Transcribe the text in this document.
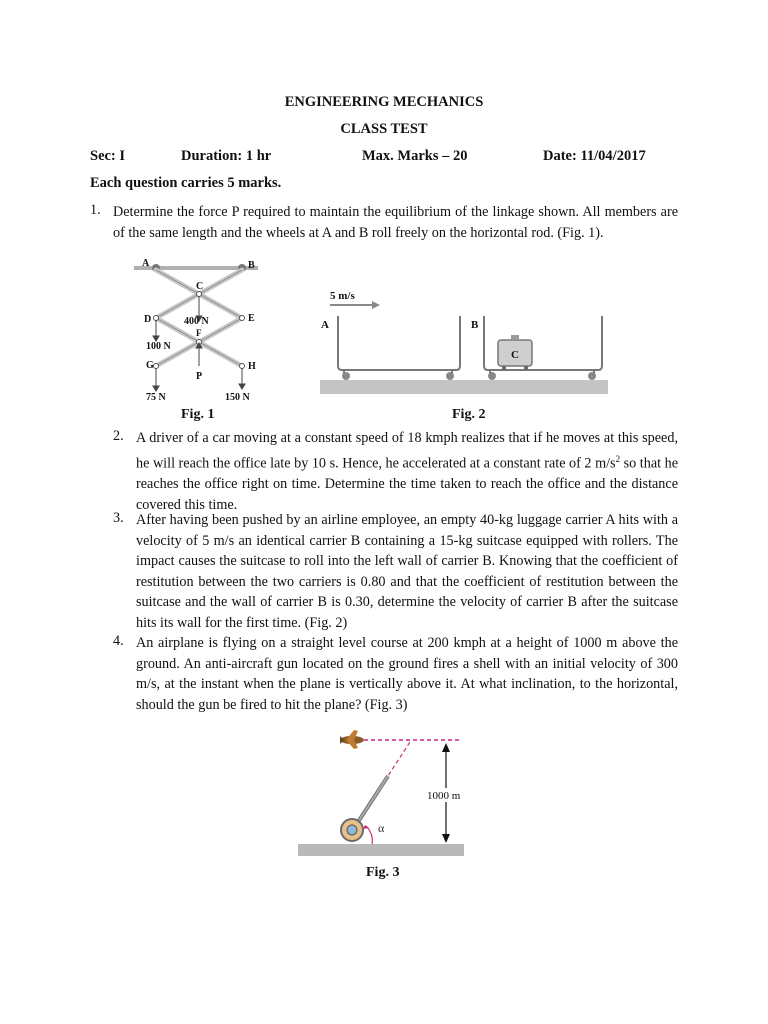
ENGINEERING MECHANICS
CLASS TEST
Sec: I	Duration: 1 hr	Max. Marks – 20	Date: 11/04/2017
Each question carries 5 marks.
1. Determine the force P required to maintain the equilibrium of the linkage shown. All members are of the same length and the wheels at A and B roll freely on the horizontal rod. (Fig. 1).
A	B
C
D	E
F
G	H
P
400 N
100 N
75 N	150 N
5 m/s
A	B
C
Fig. 1	Fig. 2
2. A driver of a car moving at a constant speed of 18 kmph realizes that if he moves at this speed, he will reach the office late by 10 s. Hence, he accelerated at a constant rate of 2 $m/s^2$ so that he reaches the office right on time. Determine the time taken to reach the office and the distance covered this time.
3. After having been pushed by an airline employee, an empty 40-kg luggage carrier A hits with a velocity of 5 m/s an identical carrier B containing a 15-kg suitcase equipped with rollers. The impact causes the suitcase to roll into the left wall of carrier B. Knowing that the coefficient of restitution between the two carriers is 0.80 and that the coefficient of restitution between the suitcase and the wall of carrier B is 0.30, determine the velocity of carrier B after the suitcase hits its wall for the first time. (Fig. 2)
4. An airplane is flying on a straight level course at 200 kmph at a height of 1000 m above the ground. An anti-aircraft gun located on the ground fires a shell with an initial velocity of 300 m/s, at the instant when the plane is vertically above it. At what inclination, to the horizontal, should the gun be fired to hit the plane? (Fig. 3)
α
1000 m
Fig. 3
